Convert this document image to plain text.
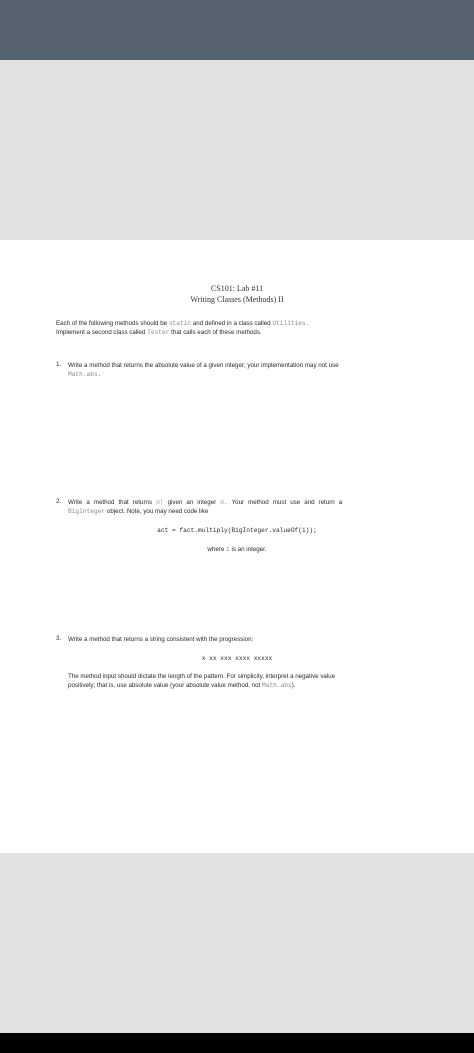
CS101: Lab #11
Writing Classes (Methods) II
Each of the following methods should be static and defined in a class called Utilities.
Implement a second class called Tester that calls each of these methods.
1. Write a method that returns the absolute value of a given integer; your implementation may not use
Math.abs.
2. Write a method that returns n! given an integer n. Your method must use and return a
BigInteger object. Note, you may need code like
act = fact.multiply(BigInteger.valueOf(i));
where i is an integer.
3. Write a method that returns a string consistent with the progression:
x xx xxx xxxx xxxxx
The method input should dictate the length of the pattern. For simplicity, interpret a negative value
positively; that is, use absolute value (your absolute value method, not Math.abs).
